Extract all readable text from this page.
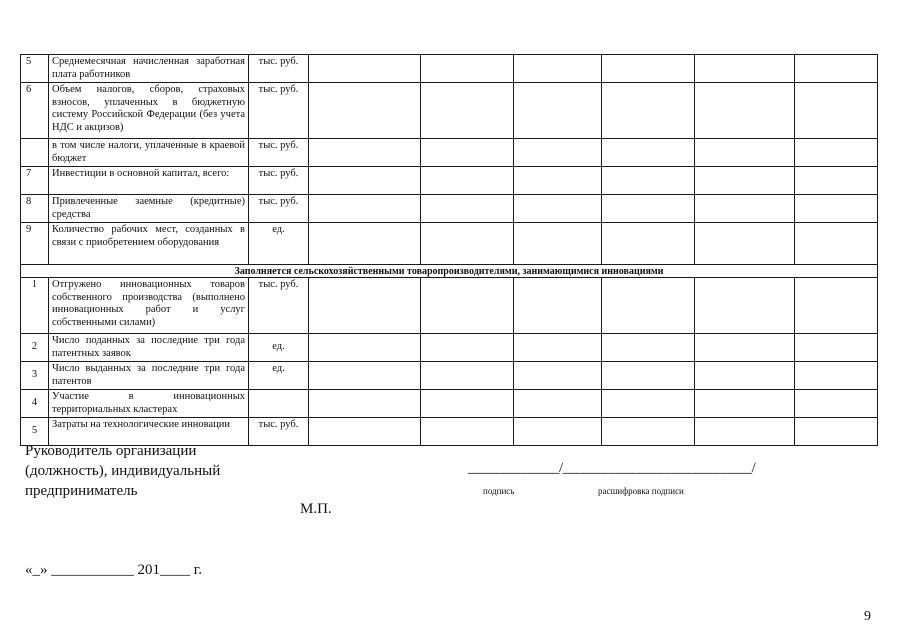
5	Среднемесячная начисленная заработная плата работников	тыс. руб.						
6	Объем налогов, сборов, страховых взносов, уплаченных в бюджетную систему Российской Федерации (без учета НДС и акцизов)	тыс. руб.						
	в том числе налоги, уплаченные в краевой бюджет	тыс. руб.						
7	Инвестиции в основной капитал, всего:	тыс. руб.						
8	Привлеченные заемные (кредитные) средства	тыс. руб.						
9	Количество рабочих мест, созданных в связи с приобретением оборудования	ед.						
Заполняется сельскохозяйственными товаропроизводителями, занимающимися инновациями								
1	Отгружено инновационных товаров собственного производства (выполнено инновационных работ и услуг собственными силами)	тыс. руб.						
2	Число поданных за последние три года патентных заявок	ед.						
3	Число выданных за последние три года патентов	ед.						
4	Участие в инновационных территориальных кластерах							
5	Затраты на технологические инновации	тыс. руб.						
Руководитель организации
(должность), индивидуальный
предприниматель
_____________/___________________________/
подпись	расшифровка подписи
М.П.
«_» ___________ 201____ г.
9
